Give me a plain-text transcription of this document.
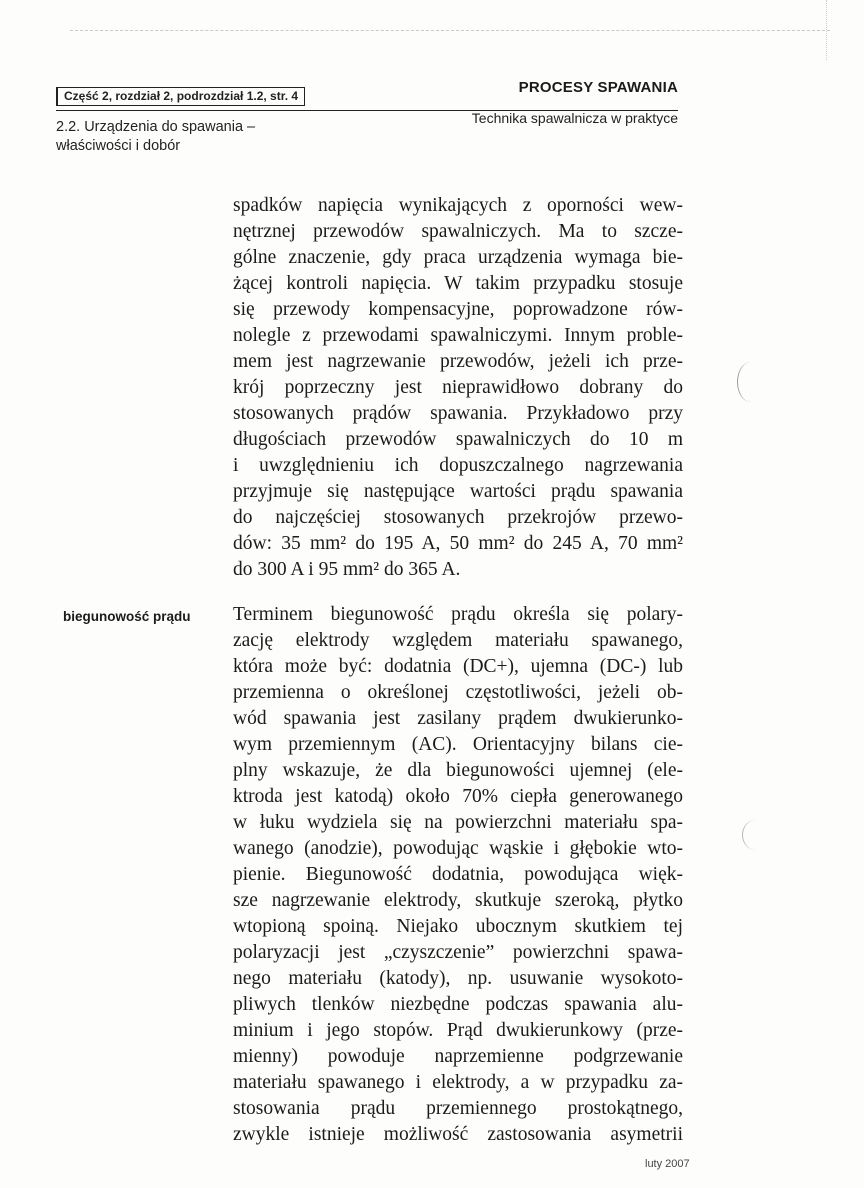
Część 2, rozdział 2, podrozdział 1.2, str. 4	PROCESY SPAWANIA
2.2. Urządzenia do spawania –
właściwości i dobór
Technika spawalnicza w praktyce
spadków napięcia wynikających z oporności wew-
nętrznej przewodów spawalniczych. Ma to szcze-
gólne znaczenie, gdy praca urządzenia wymaga bie-
żącej kontroli napięcia. W takim przypadku stosuje
się przewody kompensacyjne, poprowadzone rów-
nolegle z przewodami spawalniczymi. Innym proble-
mem jest nagrzewanie przewodów, jeżeli ich prze-
krój poprzeczny jest nieprawidłowo dobrany do
stosowanych prądów spawania. Przykładowo przy
długościach przewodów spawalniczych do 10 m
i uwzględnieniu ich dopuszczalnego nagrzewania
przyjmuje się następujące wartości prądu spawania
do najczęściej stosowanych przekrojów przewo-
dów: 35 mm² do 195 A, 50 mm² do 245 A, 70 mm²
do 300 A i 95 mm² do 365 A.
biegunowość prądu Terminem biegunowość prądu określa się polary-
zację elektrody względem materiału spawanego,
która może być: dodatnia (DC+), ujemna (DC-) lub
przemienna o określonej częstotliwości, jeżeli ob-
wód spawania jest zasilany prądem dwukierunko-
wym przemiennym (AC). Orientacyjny bilans cie-
plny wskazuje, że dla biegunowości ujemnej (ele-
ktroda jest katodą) około 70% ciepła generowanego
w łuku wydziela się na powierzchni materiału spa-
wanego (anodzie), powodując wąskie i głębokie wto-
pienie. Biegunowość dodatnia, powodująca więk-
sze nagrzewanie elektrody, skutkuje szeroką, płytko
wtopioną spoiną. Niejako ubocznym skutkiem tej
polaryzacji jest „czyszczenie” powierzchni spawa-
nego materiału (katody), np. usuwanie wysokoto-
pliwych tlenków niezbędne podczas spawania alu-
minium i jego stopów. Prąd dwukierunkowy (prze-
mienny) powoduje naprzemienne podgrzewanie
materiału spawanego i elektrody, a w przypadku za-
stosowania prądu przemiennego prostokątnego,
zwykle istnieje możliwość zastosowania asymetrii
luty 2007
